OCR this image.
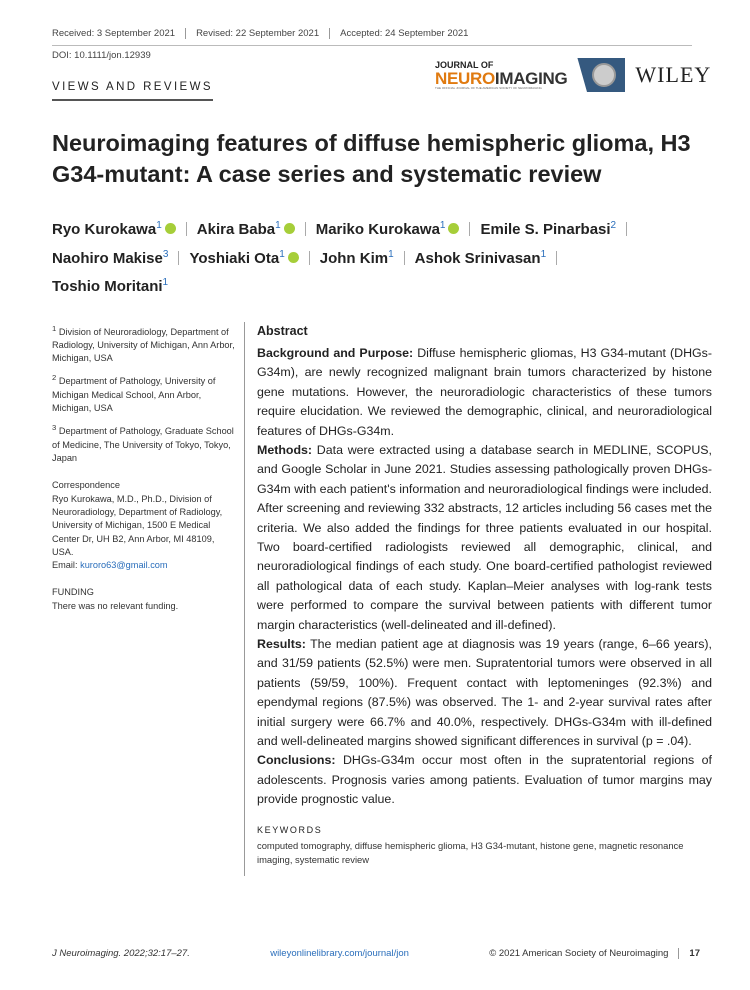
Received: 3 September 2021	Revised: 22 September 2021	Accepted: 24 September 2021
DOI: 10.1111/jon.12939
VIEWS AND REVIEWS
JOURNAL OF
NEUROIMAGING
THE OFFICIAL JOURNAL OF THE AMERICAN SOCIETY OF NEUROIMAGING
WILEY
Neuroimaging features of diffuse hemispheric glioma, H3 G34-mutant: A case series and systematic review
Ryo Kurokawa$^1$ Akira Baba$^1$ Mariko Kurokawa$^1$ Emile S. Pinarbasi$^2$
Naohiro Makise$^3$ Yoshiaki Ota$^1$ John Kim$^1$ Ashok Srinivasan$^1$
Toshio Moritani$^1$

$^1$ Division of Neuroradiology, Department of Radiology, University of Michigan, Ann Arbor, Michigan, USA

$^2$ Department of Pathology, University of Michigan Medical School, Ann Arbor, Michigan, USA

$^3$ Department of Pathology, Graduate School of Medicine, The University of Tokyo, Tokyo, Japan

Correspondence
Ryo Kurokawa, M.D., Ph.D., Division of Neuroradiology, Department of Radiology, University of Michigan, 1500 E Medical Center Dr, UH B2, Ann Arbor, MI 48109, USA.
Email: kuroro63@gmail.com

FUNDING
There was no relevant funding.

Abstract

Background and Purpose: Diffuse hemispheric gliomas, H3 G34-mutant (DHGs-G34m), are newly recognized malignant brain tumors characterized by histone gene mutations. However, the neuroradiologic characteristics of these tumors require elucidation. We reviewed the demographic, clinical, and neuroradiological features of DHGs-G34m.

Methods: Data were extracted using a database search in MEDLINE, SCOPUS, and Google Scholar in June 2021. Studies assessing pathologically proven DHGs-G34m with each patient's information and neuroradiological findings were included. After screening and reviewing 332 abstracts, 12 articles including 56 cases met the criteria. We also added the findings for three patients evaluated in our hospital. Two board-certified radiologists reviewed all demographic, clinical, and neuroradiological findings of each study. One board-certified pathologist reviewed all pathological data of each study. Kaplan–Meier analyses with log-rank tests were performed to compare the survival between patients with different tumor margin characteristics (well-delineated and ill-defined).

Results: The median patient age at diagnosis was 19 years (range, 6–66 years), and 31/59 patients (52.5%) were men. Supratentorial tumors were observed in all patients (59/59, 100%). Frequent contact with leptomeninges (92.3%) and ependymal regions (87.5%) was observed. The 1- and 2-year survival rates after initial surgery were 66.7% and 40.0%, respectively. DHGs-G34m with ill-defined and well-delineated margins showed significant differences in survival (p = .04).

Conclusions: DHGs-G34m occur most often in the supratentorial regions of adolescents. Prognosis varies among patients. Evaluation of tumor margins may provide prognostic value.

KEYWORDS
computed tomography, diffuse hemispheric glioma, H3 G34-mutant, histone gene, magnetic resonance imaging, systematic review
J Neuroimaging. 2022;32:17–27.	wileyonlinelibrary.com/journal/jon	© 2021 American Society of Neuroimaging 17
